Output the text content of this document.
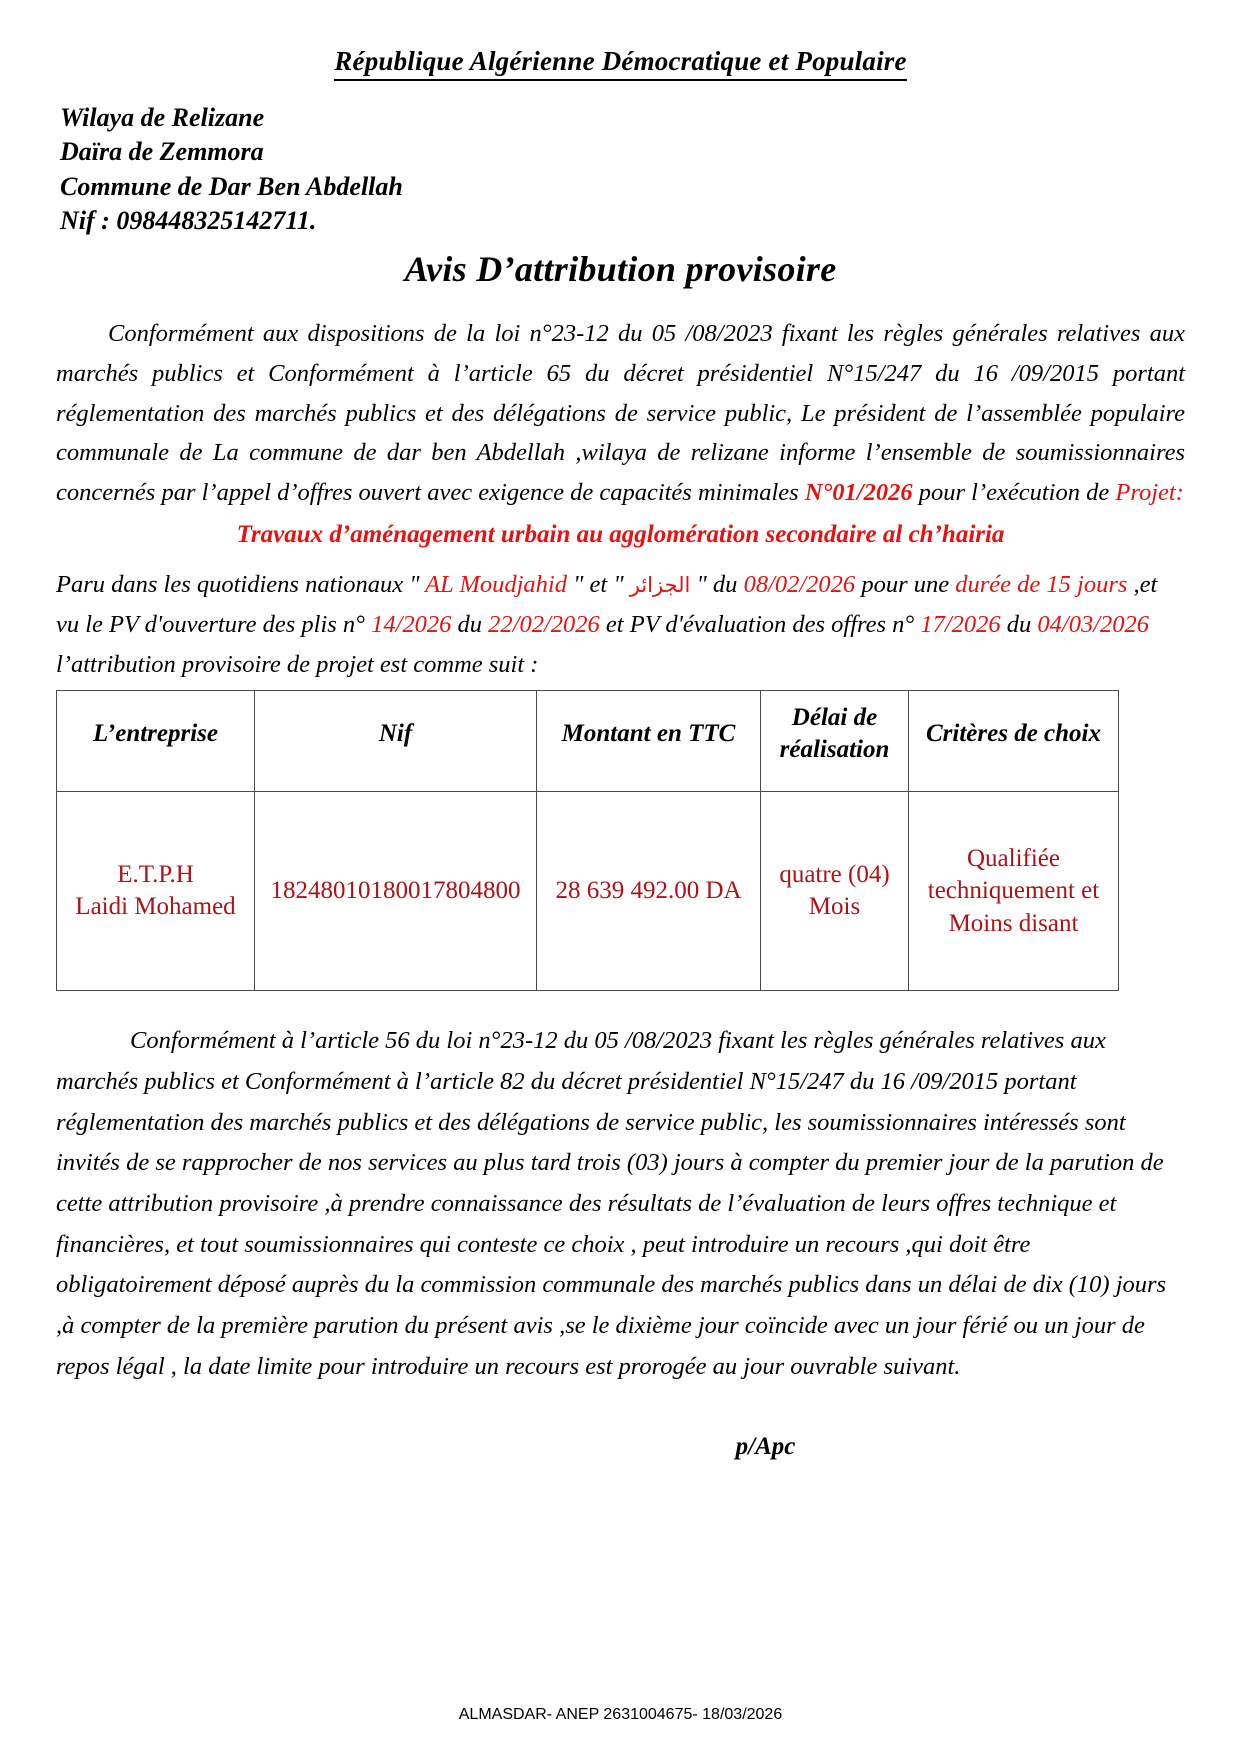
République Algérienne Démocratique et Populaire
Wilaya de Relizane
Daïra de Zemmora
Commune de Dar Ben Abdellah
Nif : 098448325142711.
Avis D’attribution provisoire

Conformément aux dispositions de la loi n°23-12 du 05 /08/2023 fixant les règles générales relatives aux marchés publics et Conformément à l’article 65 du décret présidentiel N°15/247 du 16 /09/2015 portant réglementation des marchés publics et des délégations de service public, Le président de l’assemblée populaire communale de La commune de dar ben Abdellah ,wilaya de relizane informe l’ensemble de soumissionnaires concernés par l’appel d’offres ouvert avec exigence de capacités minimales N°01/2026 pour l’exécution de Projet:

Travaux d’aménagement urbain au agglomération secondaire al ch’hairia

Paru dans les quotidiens nationaux " AL Moudjahid " et " الجزائر " du 08/02/2026 pour une durée de 15 jours ,et vu le PV d'ouverture des plis n° 14/2026 du 22/02/2026 et PV d'évaluation des offres n° 17/2026 du 04/03/2026 l’attribution provisoire de projet est comme suit :

L’entreprise	Nif	Montant en TTC	Délai de réalisation	Critères de choix

E.T.P.H
Laidi Mohamed	18248010180017804800	28 639 492.00 DA	quatre (04) Mois	Qualifiée techniquement et Moins disant

Conformément à l’article 56 du loi n°23-12 du 05 /08/2023 fixant les règles générales relatives aux marchés publics et Conformément à l’article 82 du décret présidentiel N°15/247 du 16 /09/2015 portant réglementation des marchés publics et des délégations de service public, les soumissionnaires intéressés sont invités de se rapprocher de nos services au plus tard trois (03) jours à compter du premier jour de la parution de cette attribution provisoire ,à prendre connaissance des résultats de l’évaluation de leurs offres technique et financières, et tout soumissionnaires qui conteste ce choix , peut introduire un recours ,qui doit être obligatoirement déposé auprès du la commission communale des marchés publics dans un délai de dix (10) jours ,à compter de la première parution du présent avis ,se le dixième jour coïncide avec un jour férié ou un jour de repos légal , la date limite pour introduire un recours est prorogée au jour ouvrable suivant.

p/Apc
ALMASDAR- ANEP 2631004675- 18/03/2026
